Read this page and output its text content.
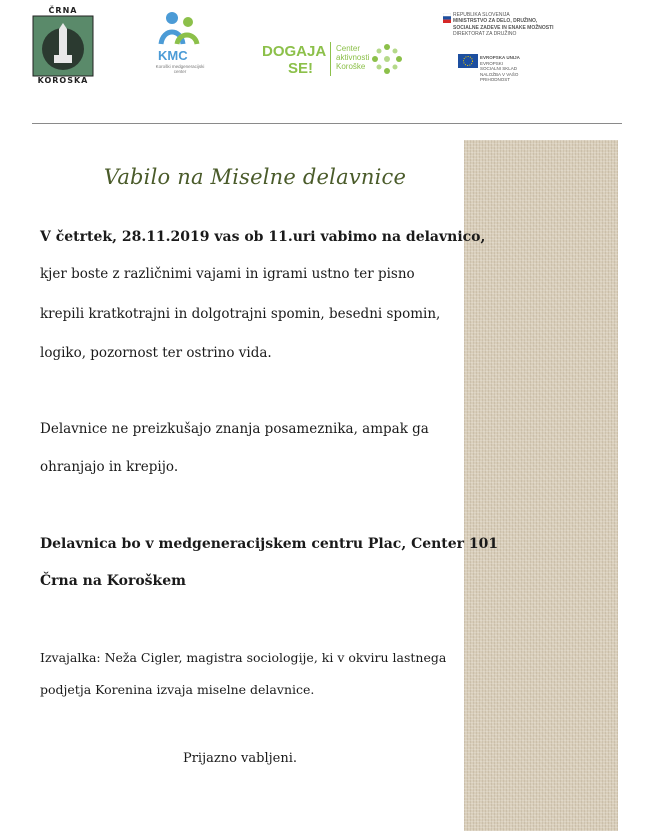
ČRNA
KOROŠKA
KMC
Koroški medgeneracijski center
DOGAJA
SE!
Center
aktivnosti
Koroške
REPUBLIKA SLOVENIJA
MINISTRSTVO ZA DELO, DRUŽINO,
SOCIALNE ZADEVE IN ENAKE MOŽNOSTI
DIREKTORAT ZA DRUŽINO
EVROPSKA UNIJA
EVROPSKI
SOCIALNI SKLAD
NALOŽBA V VAŠO PRIHODNOST
Vabilo na Miselne delavnice
V četrtek, 28.11.2019 vas ob 11.uri vabimo na delavnico,
kjer boste z različnimi vajami in igrami ustno ter pisno
krepili kratkotrajni in dolgotrajni spomin, besedni spomin,
logiko, pozornost ter ostrino vida.
Delavnice ne preizkušajo znanja posameznika, ampak ga
ohranjajo in krepijo.
Delavnica bo v medgeneracijskem centru Plac, Center 101
Črna na Koroškem
Izvajalka: Neža Cigler, magistra sociologije, ki v okviru lastnega
podjetja Korenina izvaja miselne delavnice.
Prijazno vabljeni.
